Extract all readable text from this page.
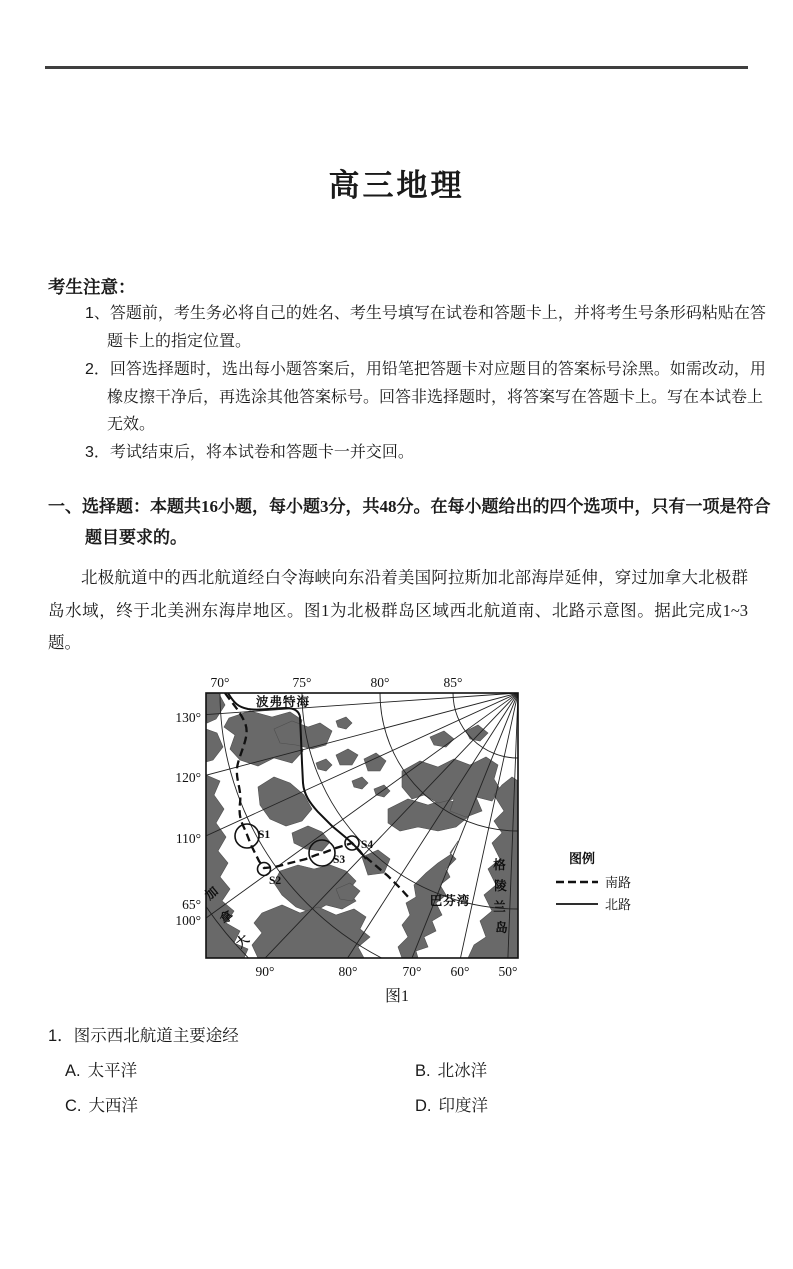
高三地理
考生注意：
1、答题前，考生务必将自己的姓名、考生号填写在试卷和答题卡上，并将考生号条形码粘贴在答题卡上的指定位置。
2．回答选择题时，选出每小题答案后，用铅笔把答题卡对应题目的答案标号涂黑。如需改动，用橡皮擦干净后，再选涂其他答案标号。回答非选择题时，将答案写在答题卡上。写在本试卷上无效。
3．考试结束后，将本试卷和答题卡一并交回。
一、选择题：本题共16小题，每小题3分，共48分。在每小题给出的四个选项中，只有一项是符合题目要求的。
北极航道中的西北航道经白令海峡向东沿着美国阿拉斯加北部海岸延伸，穿过加拿大北极群岛水域，终于北美洲东海岸地区。图1为北极群岛区域西北航道南、北路示意图。据此完成1~3题。
S1
S2
S3
S4
波弗特海
巴芬湾
格
陵
兰
岛
加
拿
大
70°	75°	80°	85°
130°
120°
110°
65°
100°
90°	80°	70° 60° 50°
图例
南路
北路
图1
1．图示西北航道主要途经
A. 太平洋	B. 北冰洋
C. 大西洋	D. 印度洋
